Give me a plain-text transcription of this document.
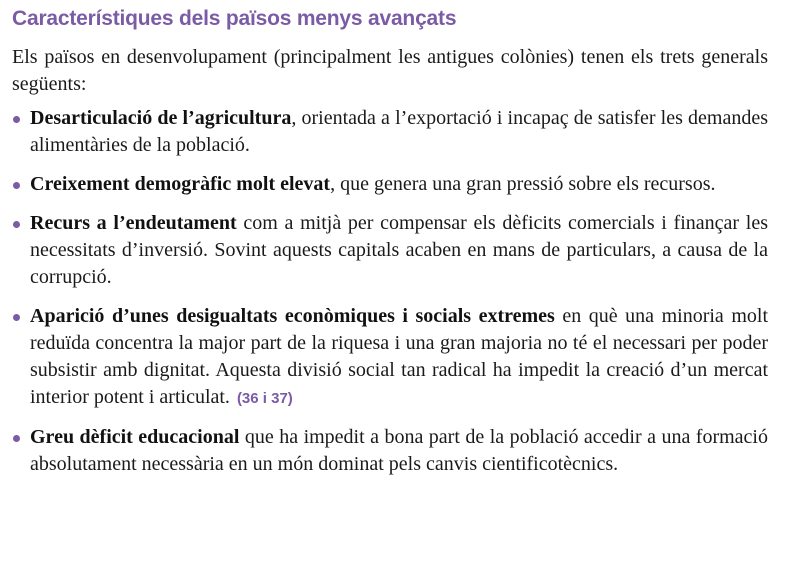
Característiques dels països menys avançats

Els països en desenvolupament (principalment les antigues colònies) tenen els trets generals següents:

Desarticulació de l’agricultura, orientada a l’exportació i incapaç de satisfer les demandes alimentàries de la població.
Creixement demogràfic molt elevat, que genera una gran pressió sobre els recursos.
Recurs a l’endeutament com a mitjà per compensar els dèficits comercials i finançar les necessitats d’inversió. Sovint aquests capitals acaben en mans de particulars, a causa de la corrupció.
Aparició d’unes desigualtats econòmiques i socials extremes en què una minoria molt reduïda concentra la major part de la riquesa i una gran majoria no té el necessari per poder subsistir amb dignitat. Aquesta divisió social tan radical ha impedit la creació d’un mercat interior potent i articulat. (36 i 37)
Greu dèficit educacional que ha impedit a bona part de la població accedir a una formació absolutament necessària en un món dominat pels canvis cientificotècnics.
